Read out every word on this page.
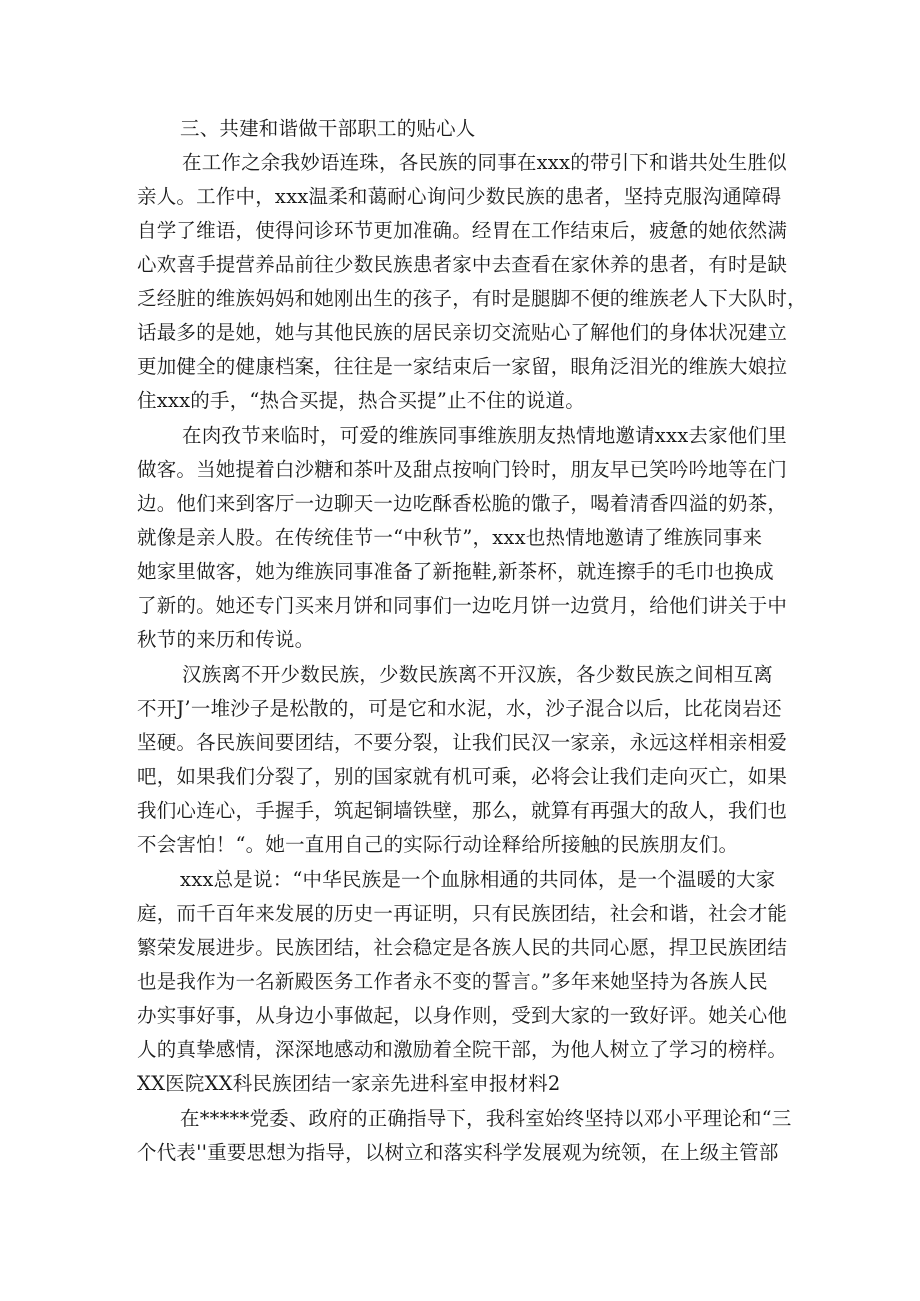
三、共建和谐做干部职工的贴心人
在工作之余我妙语连珠，各民族的同事在xxx的带引下和谐共处生胜似
亲人。工作中，xxx温柔和蔼耐心询问少数民族的患者，坚持克服沟通障碍
自学了维语，使得问诊环节更加准确。经胃在工作结束后，疲惫的她依然满
心欢喜手提营养品前往少数民族患者家中去查看在家休养的患者，有时是缺
乏经脏的维族妈妈和她刚出生的孩子，有时是腿脚不便的维族老人下大队时，
话最多的是她，她与其他民族的居民亲切交流贴心了解他们的身体状况建立
更加健全的健康档案，往往是一家结束后一家留，眼角泛泪光的维族大娘拉
住xxx的手，“热合买提，热合买提”止不住的说道。
在肉孜节来临时，可爱的维族同事维族朋友热情地邀请xxx去家他们里
做客。当她提着白沙糖和茶叶及甜点按响门铃时，朋友早已笑吟吟地等在门
边。他们来到客厅一边聊天一边吃酥香松脆的馓子，喝着清香四溢的奶茶，
就像是亲人股。在传统佳节一“中秋节”，xxx也热情地邀请了维族同事来
她家里做客，她为维族同事准备了新拖鞋,新茶杯，就连擦手的毛巾也换成
了新的。她还专门买来月饼和同事们一边吃月饼一边赏月，给他们讲关于中
秋节的来历和传说。
汉族离不开少数民族，少数民族离不开汉族，各少数民族之间相互离
不开J’一堆沙子是松散的，可是它和水泥，水，沙子混合以后，比花岗岩还
坚硬。各民族间要团结，不要分裂，让我们民汉一家亲，永远这样相亲相爱
吧，如果我们分裂了，别的国家就有机可乘，必将会让我们走向灭亡，如果
我们心连心，手握手，筑起铜墙铁壁，那么，就算有再强大的敌人，我们也
不会害怕！“。她一直用自己的实际行动诠释给所接触的民族朋友们。
xxx总是说：“中华民族是一个血脉相通的共同体，是一个温暖的大家
庭，而千百年来发展的历史一再证明，只有民族团结，社会和谐，社会才能
繁荣发展进步。民族团结，社会稳定是各族人民的共同心愿，捍卫民族团结
也是我作为一名新殿医务工作者永不变的誓言。”多年来她坚持为各族人民
办实事好事，从身边小事做起，以身作则，受到大家的一致好评。她关心他
人的真挚感情，深深地感动和激励着全院干部，为他人树立了学习的榜样。
XX医院XX科民族团结一家亲先进科室申报材料2
在*****党委、政府的正确指导下，我科室始终坚持以邓小平理论和“三
个代表''重要思想为指导，以树立和落实科学发展观为统领，在上级主管部
